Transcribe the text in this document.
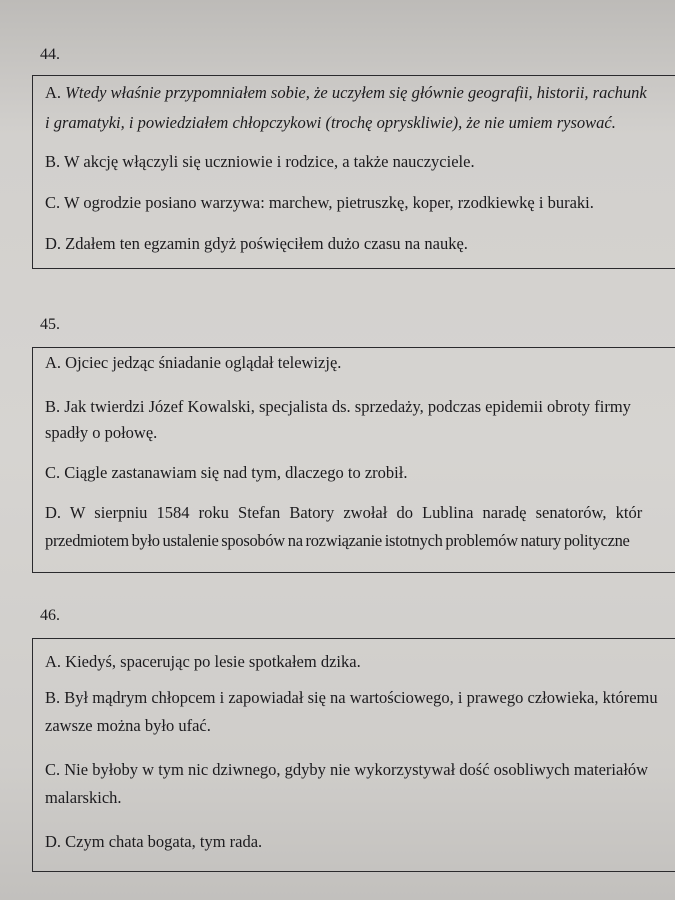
44.
A. Wtedy właśnie przypomniałem sobie, że uczyłem się głównie geografii, historii, rachunk
i gramatyki, i powiedziałem chłopczykowi (trochę opryskliwie), że nie umiem rysować.
B. W akcję włączyli się uczniowie i rodzice, a także nauczyciele.
C. W ogrodzie posiano warzywa: marchew, pietruszkę, koper, rzodkiewkę i buraki.
D. Zdałem ten egzamin gdyż poświęciłem dużo czasu na naukę.
45.
A. Ojciec jedząc śniadanie oglądał telewizję.
B. Jak twierdzi Józef Kowalski, specjalista ds. sprzedaży, podczas epidemii obroty firmy
spadły o połowę.
C. Ciągle zastanawiam się nad tym, dlaczego to zrobił.
D. W sierpniu 1584 roku Stefan Batory zwołał do Lublina naradę senatorów, któr
przedmiotem było ustalenie sposobów na rozwiązanie istotnych problemów natury polityczne
46.
A. Kiedyś, spacerując po lesie spotkałem dzika.
B. Był mądrym chłopcem i zapowiadał się na wartościowego, i prawego człowieka, któremu
zawsze można było ufać.
C. Nie byłoby w tym nic dziwnego, gdyby nie wykorzystywał dość osobliwych materiałów
malarskich.
D. Czym chata bogata, tym rada.
